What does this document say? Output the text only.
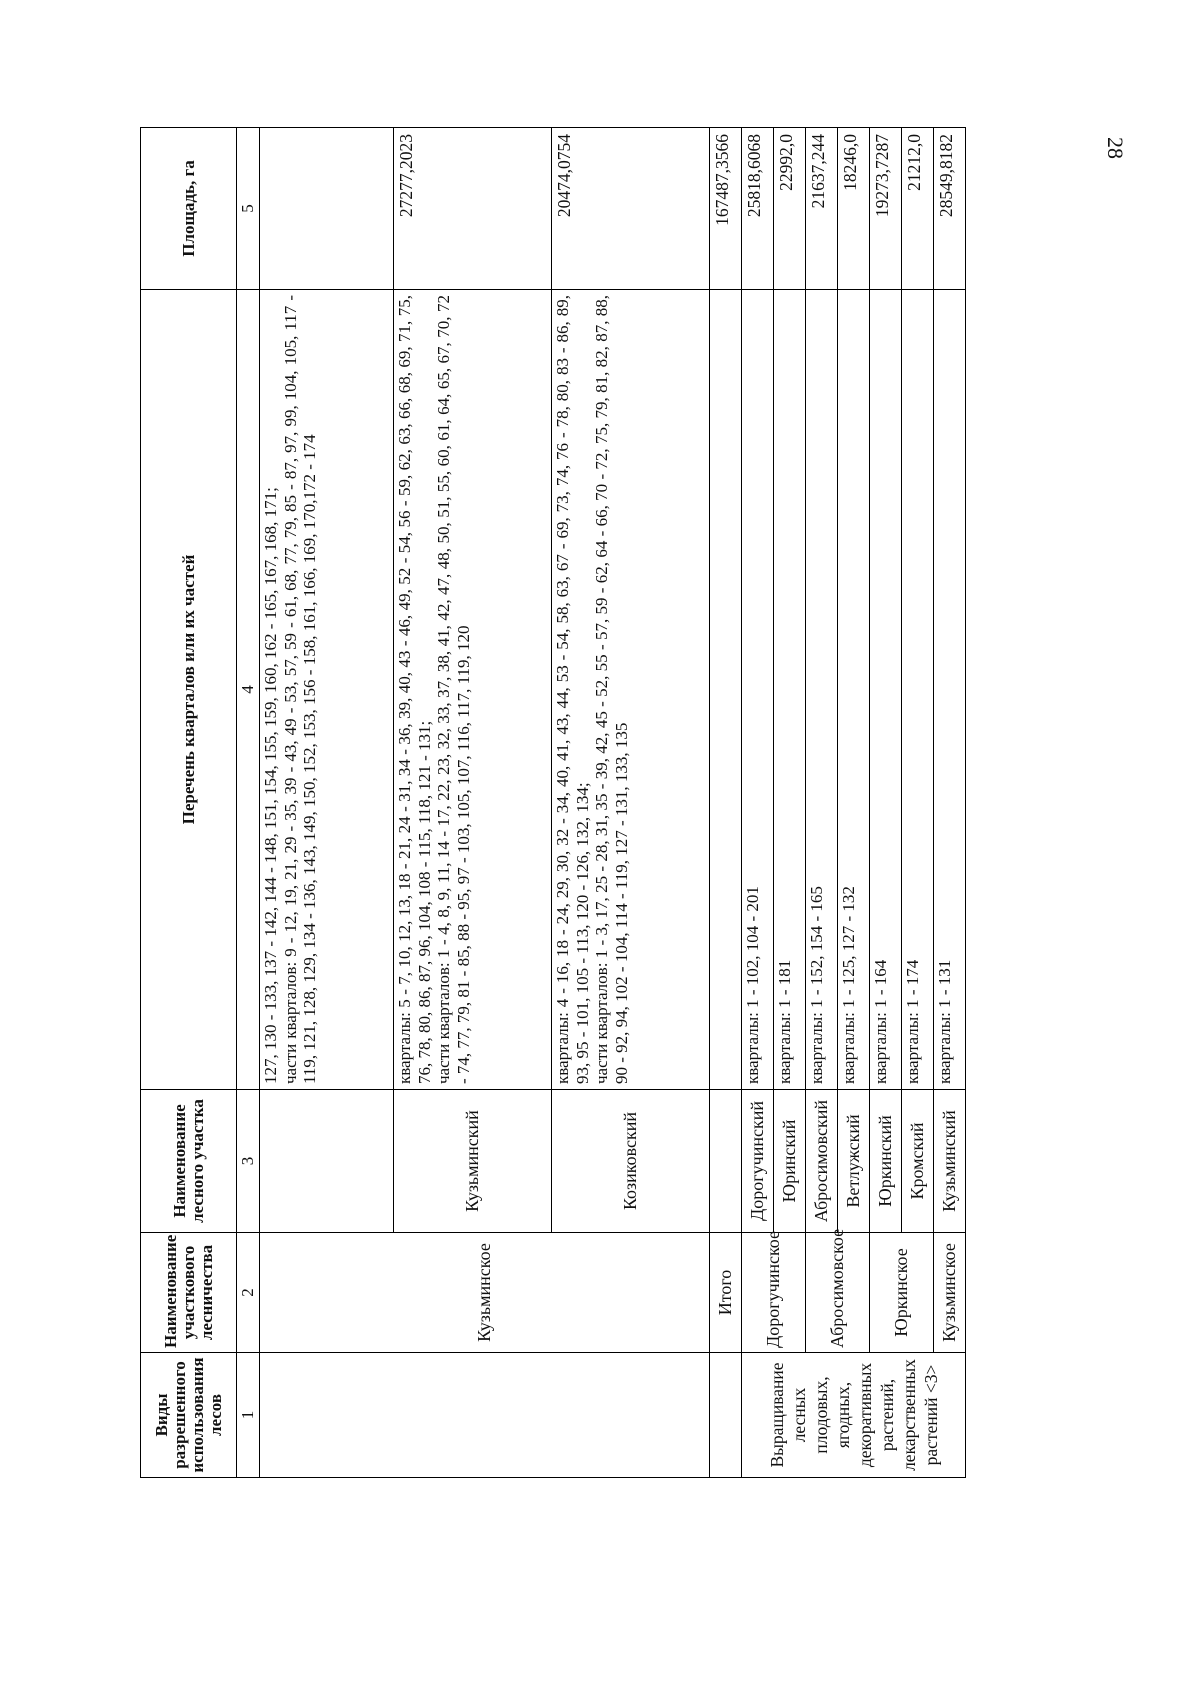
28
Виды разрешенного использования лесов	Наименование участкового лесничества	Наименование лесного участка	Перечень кварталов или их частей	Площадь, га
1	2	3	4	5
	Кузьминское		127, 130 - 133, 137 - 142, 144 - 148, 151, 154, 155, 159, 160, 162 - 165, 167, 168, 171; части кварталов: 9 - 12, 19, 21, 29 - 35, 39 - 43, 49 - 53, 57, 59 - 61, 68, 77, 79, 85 - 87, 97, 99, 104, 105, 117 - 119, 121, 128, 129, 134 - 136, 143, 149, 150, 152, 153, 156 - 158, 161, 166, 169, 170,172 - 174	

		Кузьминский	кварталы: 5 - 7, 10, 12, 13, 18 - 21, 24 - 31, 34 - 36, 39, 40, 43 - 46, 49, 52 - 54, 56 - 59, 62, 63, 66, 68, 69, 71, 75, 76, 78, 80, 86, 87, 96, 104, 108 - 115, 118, 121 - 131; части кварталов: 1 - 4, 8, 9, 11, 14 - 17, 22, 23, 32, 33, 37, 38, 41, 42, 47, 48, 50, 51, 55, 60, 61, 64, 65, 67, 70, 72 - 74, 77, 79, 81 - 85, 88 - 95, 97 - 103, 105, 107, 116, 117, 119, 120	27277,2023
		Козиковский	кварталы: 4 - 16, 18 - 24, 29, 30, 32 - 34, 40, 41, 43, 44, 53 - 54, 58, 63, 67 - 69, 73, 74, 76 - 78, 80, 83 - 86, 89, 93, 95 - 101, 105 - 113, 120 - 126, 132, 134; части кварталов: 1 - 3, 17, 25 - 28, 31, 35 - 39, 42, 45 - 52, 55 - 57, 59 - 62, 64 - 66, 70 - 72, 75, 79, 81, 82, 87, 88, 90 - 92, 94, 102 - 104, 114 - 119, 127 - 131, 133, 135	20474,0754
	Итого			167487,3566
Выращивание лесных плодовых, ягодных, декоративных растений, лекарственных растений <3>	Дорогучинское	Дорогучинский	кварталы: 1 - 102, 104 - 201	25818,6068
		Юринский	кварталы: 1 - 181	22992,0
	Абросимовское	Абросимовский	кварталы: 1 - 152, 154 - 165	21637,244
		Ветлужский	кварталы: 1 - 125, 127 - 132	18246,0
	Юркинское	Юркинский	кварталы: 1 - 164	19273,7287
		Кромский	кварталы: 1 - 174	21212,0
	Кузьминское	Кузьминский	кварталы: 1 - 131	28549,8182
